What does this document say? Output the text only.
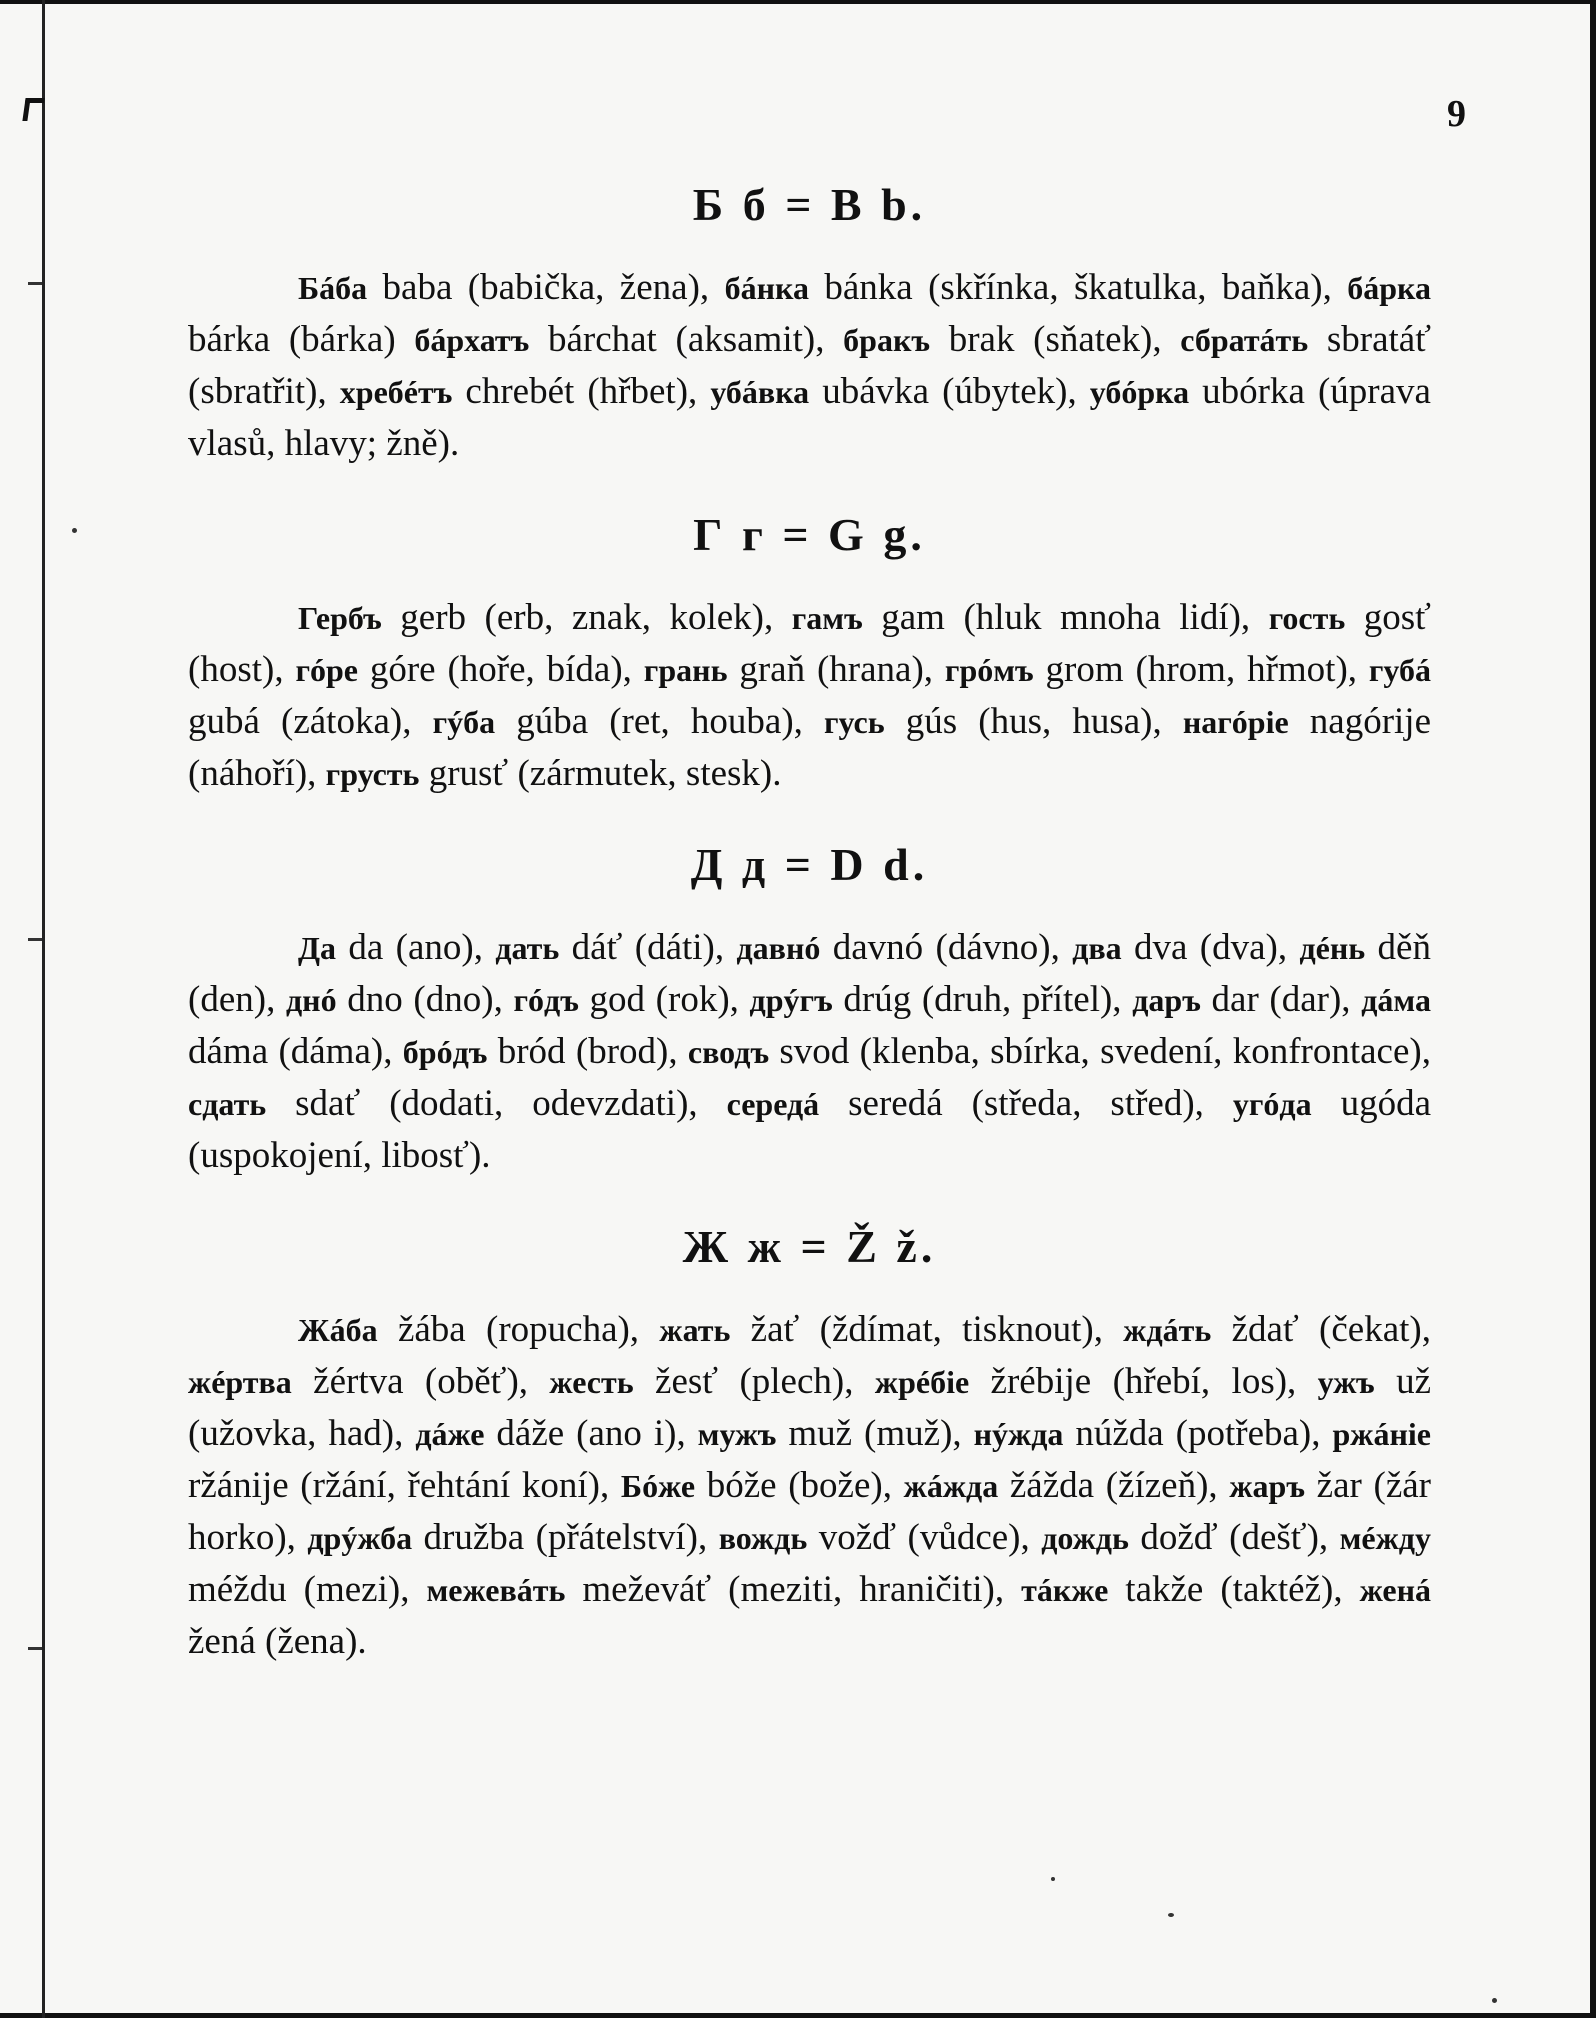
9
Б б = B b.

Бáба baba (babička, žena), бáнка bánka (skřínka, škatulka, baňka), бáрка bárka (bárka) бáрхатъ bárchat (aksamit), бракъ brak (sňatek), сбратáть sbratáť (sbratřit), хребéтъ chrebét (hřbet), убáвка ubávka (úbytek), убóрка ubórka (úprava vlasů, hlavy; žně).

Г г = G g.

Гербъ gerb (erb, znak, kolek), гамъ gam (hluk mnoha lidí), гость gosť (host), гóре góre (hoře, bída), грань graň (hrana), грóмъ grom (hrom, hřmot), губá gubá (zátoka), гýба gúba (ret, houba), гусь gús (hus, husa), нагóріе nagórije (náhoří), грусть grusť (zármutek, stesk).

Д д = D d.

Да da (ano), дать dáť (dáti), давнó davnó (dávno), два dva (dva), дéнь děň (den), днó dno (dno), гóдъ god (rok), дрýгъ drúg (druh, přítel), даръ dar (dar), дáма dáma (dáma), брóдъ bród (brod), сводъ svod (klenba, sbírka, svedení, konfrontace), сдать sdať (dodati, odevzdati), середá seredá (středa, střed), угóда ugóda (uspokojení, libosť).

Ж ж = Ž ž.

Жáба žába (ropucha), жать žať (ždímat, tisknout), ждáть ždať (čekat), жéртва žértva (oběť), жесть žesť (plech), жрéбіе žrébije (hřebí, los), ужъ už (užovka, had), дáже dáže (ano i), мужъ muž (muž), нýжда núžda (potřeba), ржáніе ržánije (ržání, řehtání koní), Бóже bóže (bože), жáжда žážda (žízeň), жаръ žar (žár horko), дрýжба družba (přátelství), вождь vožď (vůdce), дождь dožď (dešť), мéжду méždu (mezi), межевáть meževáť (meziti, hraničiti), тáкже takže (taktéž), женá žená (žena).
